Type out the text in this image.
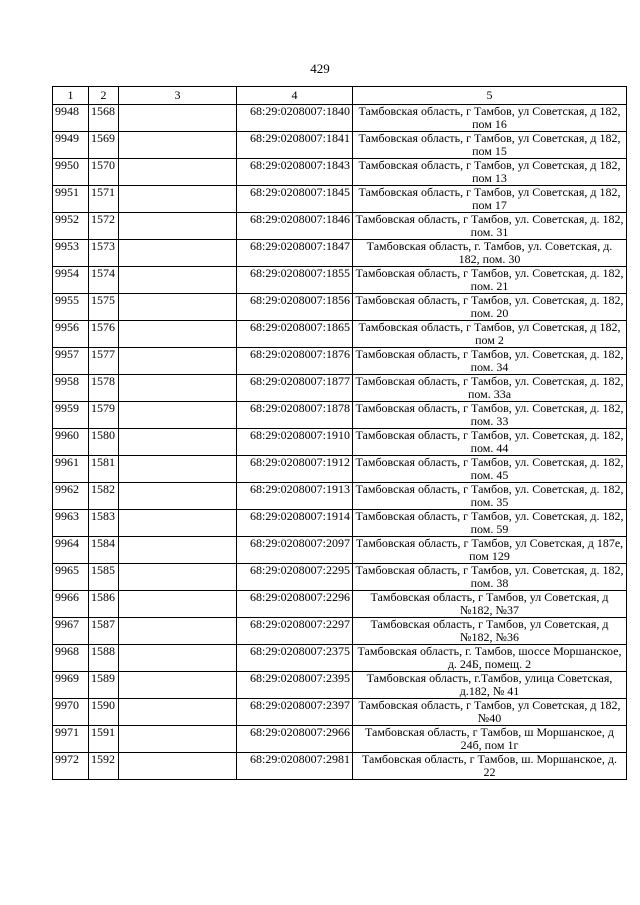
429
1	2	3	4	5
9948	1568		68:29:0208007:1840	Тамбовская область, г Тамбов, ул Советская, д 182, пом 16
9949	1569		68:29:0208007:1841	Тамбовская область, г Тамбов, ул Советская, д 182, пом 15
9950	1570		68:29:0208007:1843	Тамбовская область, г Тамбов, ул Советская, д 182, пом 13
9951	1571		68:29:0208007:1845	Тамбовская область, г Тамбов, ул Советская, д 182, пом 17
9952	1572		68:29:0208007:1846	Тамбовская область, г Тамбов, ул. Советская, д. 182, пом. 31
9953	1573		68:29:0208007:1847	Тамбовская область, г. Тамбов, ул. Советская, д. 182, пом. 30
9954	1574		68:29:0208007:1855	Тамбовская область, г Тамбов, ул. Советская, д. 182, пом. 21
9955	1575		68:29:0208007:1856	Тамбовская область, г Тамбов, ул. Советская, д. 182, пом. 20
9956	1576		68:29:0208007:1865	Тамбовская область, г Тамбов, ул Советская, д 182, пом 2
9957	1577		68:29:0208007:1876	Тамбовская область, г Тамбов, ул. Советская, д. 182, пом. 34
9958	1578		68:29:0208007:1877	Тамбовская область, г Тамбов, ул. Советская, д. 182, пом. 33а
9959	1579		68:29:0208007:1878	Тамбовская область, г Тамбов, ул. Советская, д. 182, пом. 33
9960	1580		68:29:0208007:1910	Тамбовская область, г Тамбов, ул. Советская, д. 182, пом. 44
9961	1581		68:29:0208007:1912	Тамбовская область, г Тамбов, ул. Советская, д. 182, пом. 45
9962	1582		68:29:0208007:1913	Тамбовская область, г Тамбов, ул. Советская, д. 182, пом. 35
9963	1583		68:29:0208007:1914	Тамбовская область, г Тамбов, ул. Советская, д. 182, пом. 59
9964	1584		68:29:0208007:2097	Тамбовская область, г Тамбов, ул Советская, д 187е, пом 129
9965	1585		68:29:0208007:2295	Тамбовская область, г Тамбов, ул. Советская, д. 182, пом. 38
9966	1586		68:29:0208007:2296	Тамбовская область, г Тамбов, ул Советская, д №182, №37
9967	1587		68:29:0208007:2297	Тамбовская область, г Тамбов, ул Советская, д №182, №36
9968	1588		68:29:0208007:2375	Тамбовская область, г. Тамбов, шоссе Моршанское, д. 24Б, помещ. 2
9969	1589		68:29:0208007:2395	Тамбовская область, г.Тамбов, улица Советская, д.182, № 41
9970	1590		68:29:0208007:2397	Тамбовская область, г Тамбов, ул Советская, д 182, №40
9971	1591		68:29:0208007:2966	Тамбовская область, г Тамбов, ш Моршанское, д 24б, пом 1г
9972	1592		68:29:0208007:2981	Тамбовская область, г Тамбов, ш. Моршанское, д. 22
